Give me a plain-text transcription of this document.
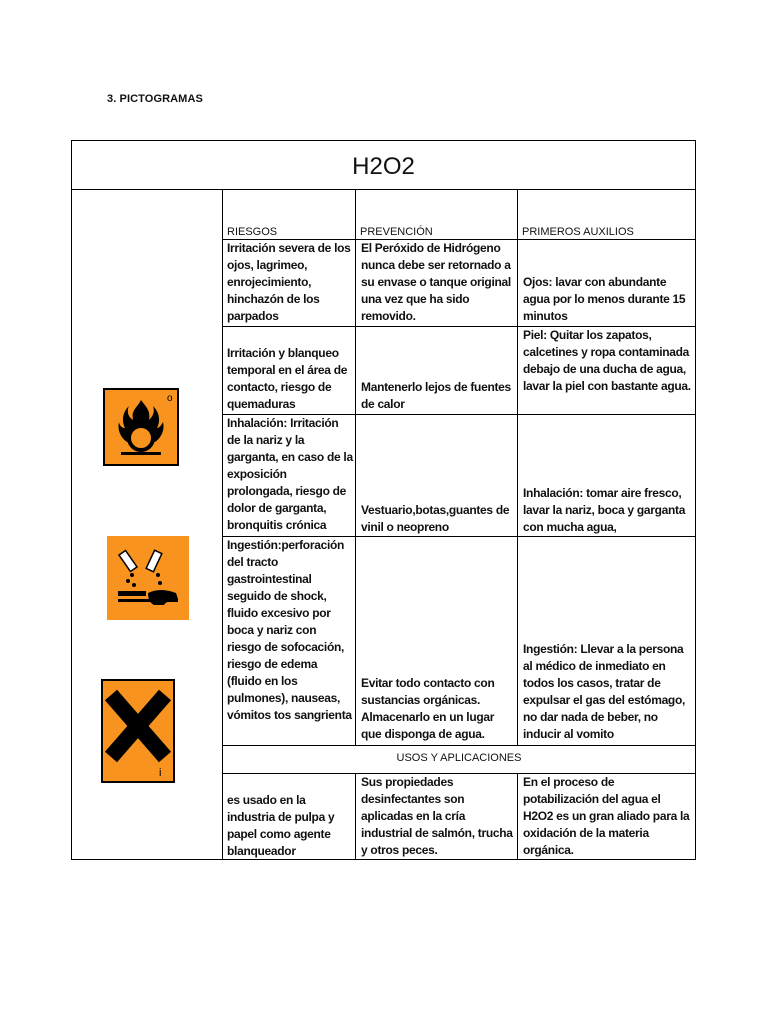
3. PICTOGRAMAS
H2O2
o
i
RIESGOS	PREVENCIÓN	PRIMEROS AUXILIOS
Irritación severa de los ojos, lagrimeo, enrojecimiento, hinchazón de los parpados
El Peróxido de Hidrógeno nunca debe ser retornado a su envase o tanque original una vez que ha sido removido.
Ojos: lavar con abundante agua por lo menos durante 15 minutos
Irritación y blanqueo temporal en el área de contacto, riesgo de quemaduras
Mantenerlo lejos de fuentes de calor
Piel: Quitar los zapatos, calcetines y ropa contaminada debajo de una ducha de agua, lavar la piel con bastante agua.
Inhalación: Irritación de la nariz y la garganta, en caso de la exposición prolongada, riesgo de dolor de garganta, bronquitis crónica
Vestuario,botas,guantes de vinil o neopreno
Inhalación: tomar aire fresco, lavar la nariz, boca y garganta con mucha agua,
Ingestión:perforación del tracto gastrointestinal seguido de shock, fluido excesivo por boca y nariz con riesgo de sofocación, riesgo de edema (fluido en los pulmones), nauseas, vómitos tos sangrienta
Evitar todo contacto con sustancias orgánicas. Almacenarlo en un lugar que disponga de agua.
Ingestión: Llevar a la persona al médico de inmediato en todos los casos, tratar de expulsar el gas del estómago, no dar nada de beber, no inducir al vomito
USOS Y APLICACIONES
es usado en la industria de pulpa y papel como agente blanqueador
Sus propiedades desinfectantes son aplicadas en la cría industrial de salmón, trucha y otros peces.
En el proceso de potabilización del agua el H2O2 es un gran aliado para la oxidación de la materia orgánica.
